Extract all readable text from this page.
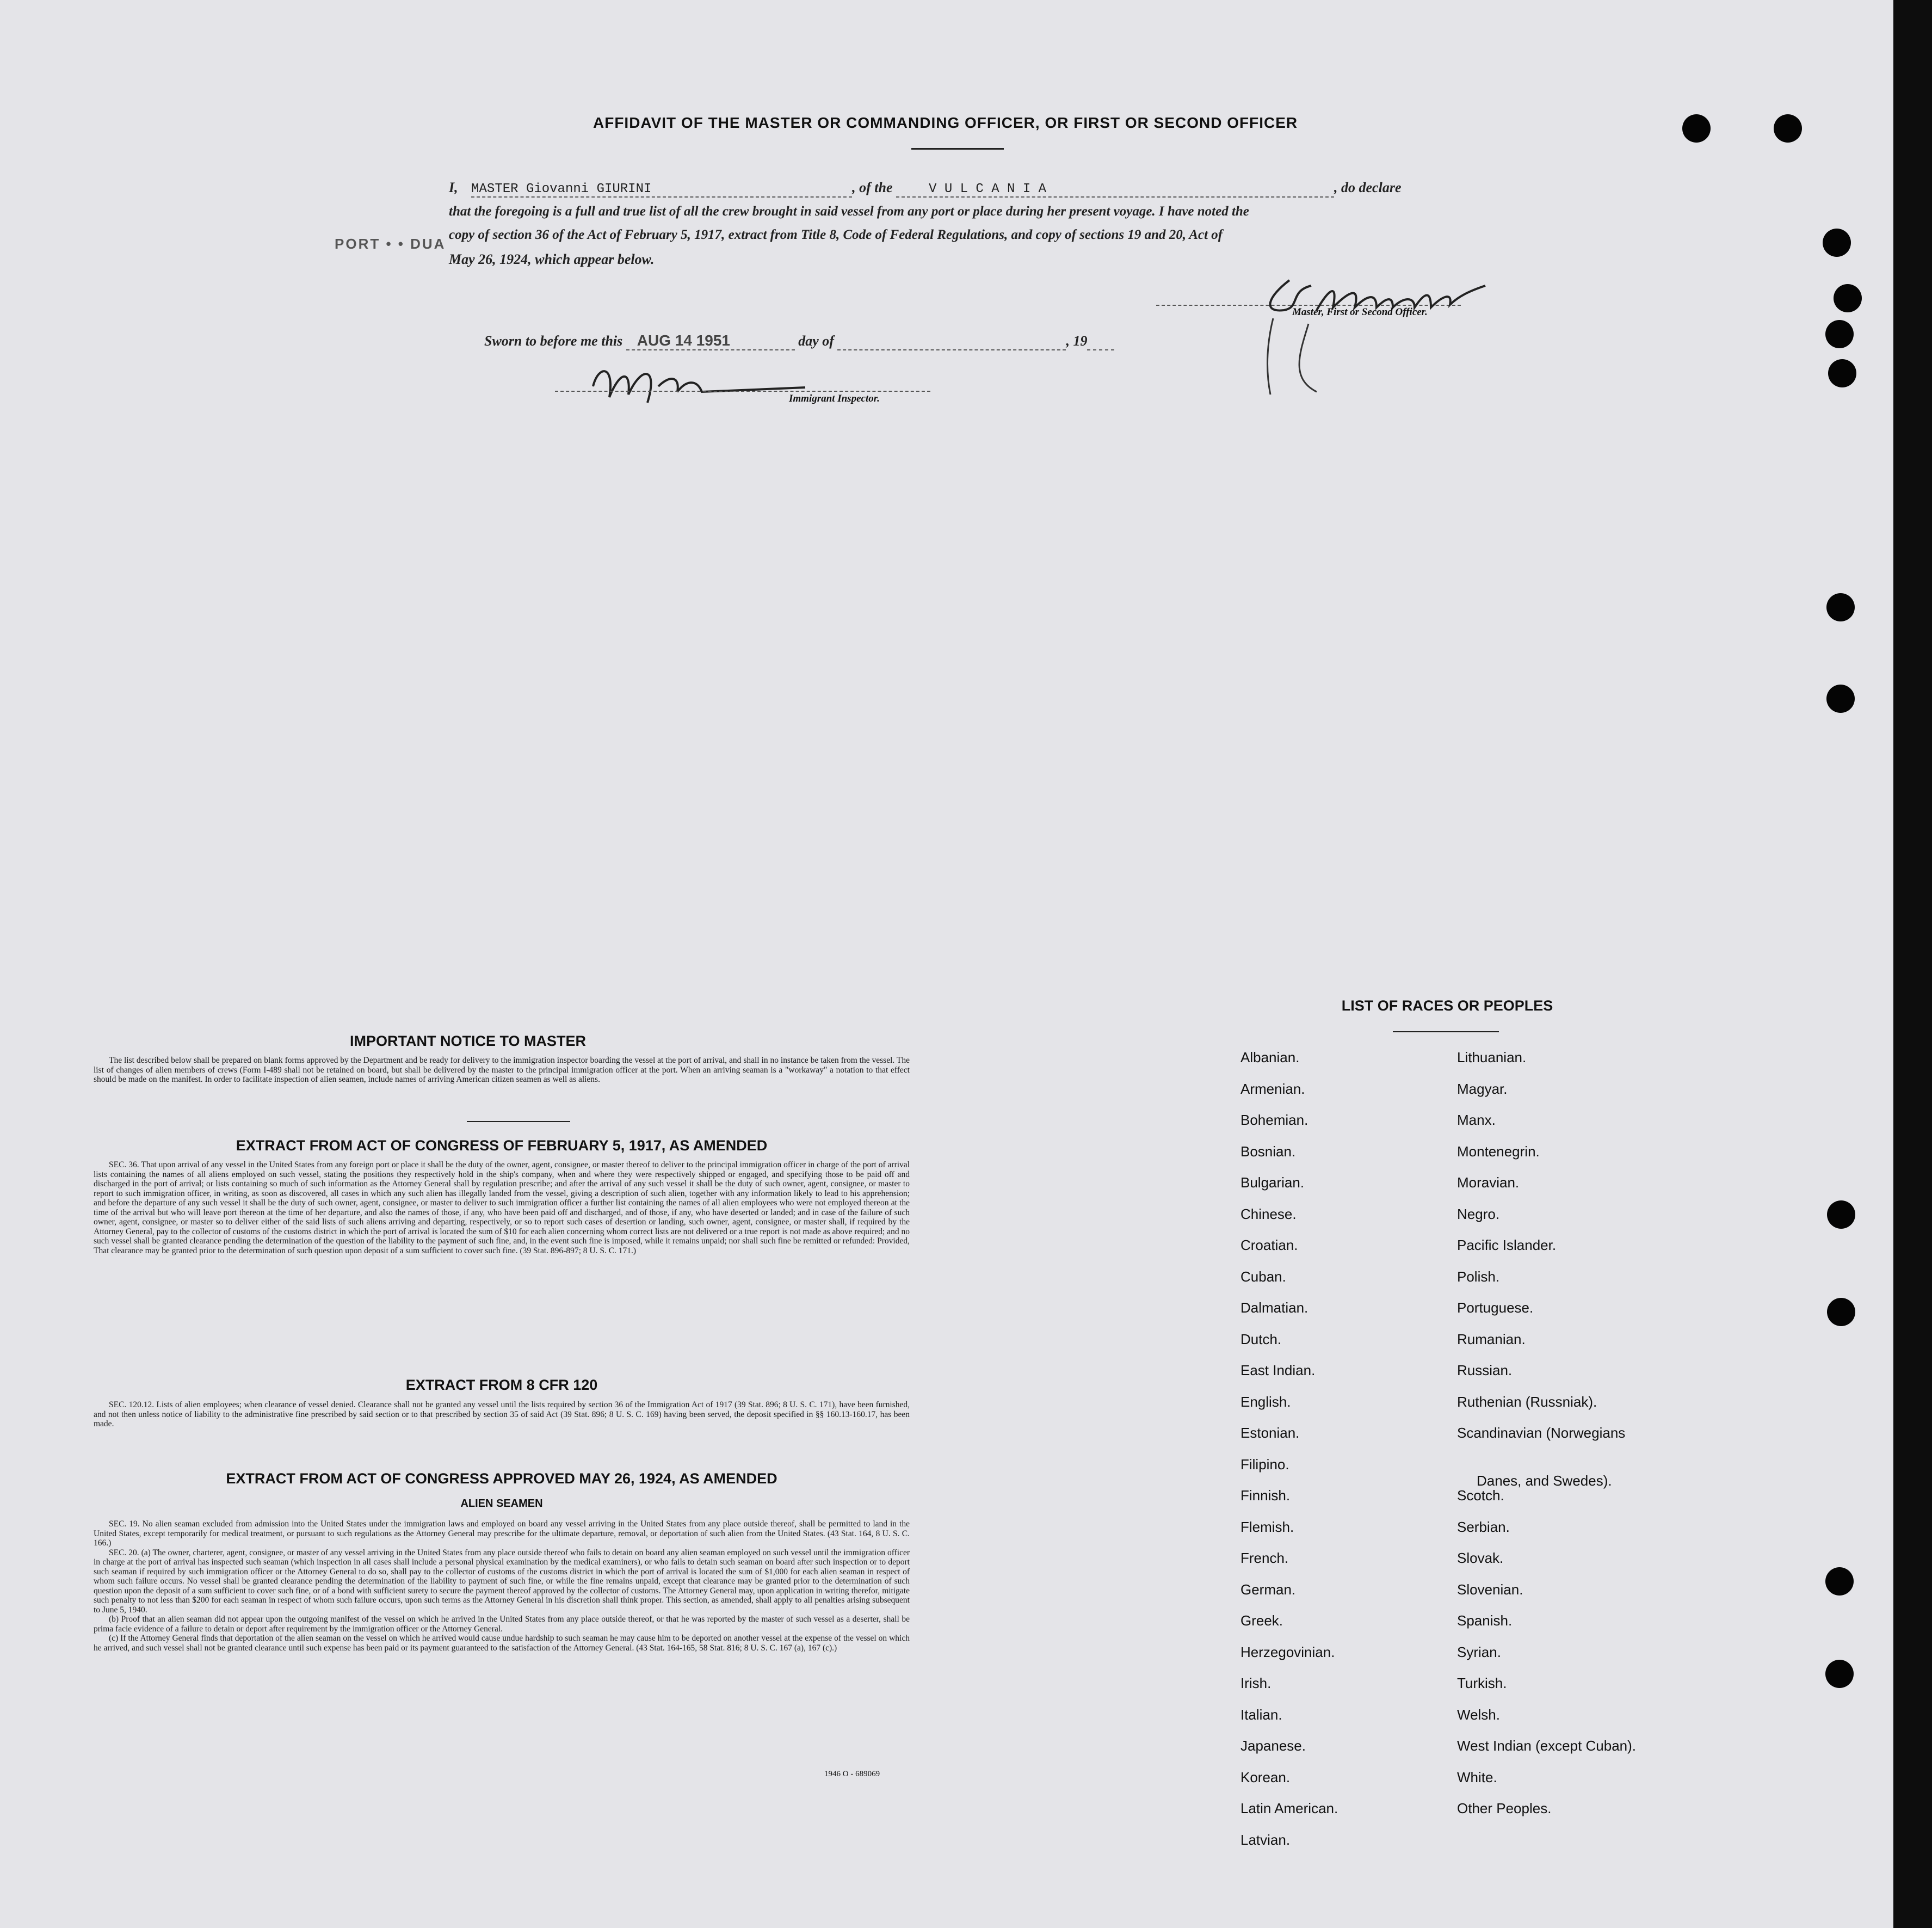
AFFIDAVIT OF THE MASTER OR COMMANDING OFFICER, OR FIRST OR SECOND OFFICER
I, MASTER Giovanni GIURINI	, of the	V U L C A N I A	, do declare
that the foregoing is a full and true list of all the crew brought in said vessel from any port or place during her present voyage. I have noted the
copy of section 36 of the Act of February 5, 1917, extract from Title 8, Code of Federal Regulations, and copy of sections 19 and 20, Act of
May 26, 1924, which appear below.
PORT • • DUA
Master, First or Second Officer.
Sworn to before me this AUG 14 1951	day of	, 19
Immigrant Inspector.
IMPORTANT NOTICE TO MASTER

The list described below shall be prepared on blank forms approved by the Department and be ready for delivery to the immigration inspector boarding the vessel at the port of arrival, and shall in no instance be taken from the vessel. The list of changes of alien members of crews (Form I-489 shall not be retained on board, but shall be delivered by the master to the principal immigration officer at the port. When an arriving seaman is a "workaway" a notation to that effect should be made on the manifest. In order to facilitate inspection of alien seamen, include names of arriving American citizen seamen as well as aliens.

EXTRACT FROM ACT OF CONGRESS OF FEBRUARY 5, 1917, AS AMENDED

SEC. 36. That upon arrival of any vessel in the United States from any foreign port or place it shall be the duty of the owner, agent, consignee, or master thereof to deliver to the principal immigration officer in charge of the port of arrival lists containing the names of all aliens employed on such vessel, stating the positions they respectively hold in the ship's company, when and where they were respectively shipped or engaged, and specifying those to be paid off and discharged in the port of arrival; or lists containing so much of such information as the Attorney General shall by regulation prescribe; and after the arrival of any such vessel it shall be the duty of such owner, agent, consignee, or master to report to such immigration officer, in writing, as soon as discovered, all cases in which any such alien has illegally landed from the vessel, giving a description of such alien, together with any information likely to lead to his apprehension; and before the departure of any such vessel it shall be the duty of such owner, agent, consignee, or master to deliver to such immigration officer a further list containing the names of all alien employees who were not employed thereon at the time of the arrival but who will leave port thereon at the time of her departure, and also the names of those, if any, who have been paid off and discharged, and of those, if any, who have deserted or landed; and in case of the failure of such owner, agent, consignee, or master so to deliver either of the said lists of such aliens arriving and departing, respectively, or so to report such cases of desertion or landing, such owner, agent, consignee, or master shall, if required by the Attorney General, pay to the collector of customs of the customs district in which the port of arrival is located the sum of $10 for each alien concerning whom correct lists are not delivered or a true report is not made as above required; and no such vessel shall be granted clearance pending the determination of the question of the liability to the payment of such fine, and, in the event such fine is imposed, while it remains unpaid; nor shall such fine be remitted or refunded: Provided, That clearance may be granted prior to the determination of such question upon deposit of a sum sufficient to cover such fine. (39 Stat. 896-897; 8 U. S. C. 171.)

EXTRACT FROM 8 CFR 120

SEC. 120.12. Lists of alien employees; when clearance of vessel denied. Clearance shall not be granted any vessel until the lists required by section 36 of the Immigration Act of 1917 (39 Stat. 896; 8 U. S. C. 171), have been furnished, and not then unless notice of liability to the administrative fine prescribed by said section or to that prescribed by section 35 of said Act (39 Stat. 896; 8 U. S. C. 169) having been served, the deposit specified in §§ 160.13-160.17, has been made.

EXTRACT FROM ACT OF CONGRESS APPROVED MAY 26, 1924, AS AMENDED
ALIEN SEAMEN

SEC. 19. No alien seaman excluded from admission into the United States under the immigration laws and employed on board any vessel arriving in the United States from any place outside thereof, shall be permitted to land in the United States, except temporarily for medical treatment, or pursuant to such regulations as the Attorney General may prescribe for the ultimate departure, removal, or deportation of such alien from the United States. (43 Stat. 164, 8 U. S. C. 166.)

SEC. 20. (a) The owner, charterer, agent, consignee, or master of any vessel arriving in the United States from any place outside thereof who fails to detain on board any alien seaman employed on such vessel until the immigration officer in charge at the port of arrival has inspected such seaman (which inspection in all cases shall include a personal physical examination by the medical examiners), or who fails to detain such seaman on board after such inspection or to deport such seaman if required by such immigration officer or the Attorney General to do so, shall pay to the collector of customs of the customs district in which the port of arrival is located the sum of $1,000 for each alien seaman in respect of whom such failure occurs. No vessel shall be granted clearance pending the determination of the liability to payment of such fine, or while the fine remains unpaid, except that clearance may be granted prior to the determination of such question upon the deposit of a sum sufficient to cover such fine, or of a bond with sufficient surety to secure the payment thereof approved by the collector of customs. The Attorney General may, upon application in writing therefor, mitigate such penalty to not less than $200 for each seaman in respect of whom such failure occurs, upon such terms as the Attorney General in his discretion shall think proper. This section, as amended, shall apply to all penalties arising subsequent to June 5, 1940.

(b) Proof that an alien seaman did not appear upon the outgoing manifest of the vessel on which he arrived in the United States from any place outside thereof, or that he was reported by the master of such vessel as a deserter, shall be prima facie evidence of a failure to detain or deport after requirement by the immigration officer or the Attorney General.

(c) If the Attorney General finds that deportation of the alien seaman on the vessel on which he arrived would cause undue hardship to such seaman he may cause him to be deported on another vessel at the expense of the vessel on which he arrived, and such vessel shall not be granted clearance until such expense has been paid or its payment guaranteed to the satisfaction of the Attorney General. (43 Stat. 164-165, 58 Stat. 816; 8 U. S. C. 167 (a), 167 (c).)

1946 O - 689069
LIST OF RACES OR PEOPLES
Albanian.
Armenian.
Bohemian.
Bosnian.
Bulgarian.
Chinese.
Croatian.
Cuban.
Dalmatian.
Dutch.
East Indian.
English.
Estonian.
Filipino.
Finnish.
Flemish.
French.
German.
Greek.
Herzegovinian.
Irish.
Italian.
Japanese.
Korean.
Latin American.
Latvian.
Lithuanian.
Magyar.
Manx.
Montenegrin.
Moravian.
Negro.
Pacific Islander.
Polish.
Portuguese.
Rumanian.
Russian.
Ruthenian (Russniak).
Scandinavian (Norwegians
Danes, and Swedes).
Scotch.
Serbian.
Slovak.
Slovenian.
Spanish.
Syrian.
Turkish.
Welsh.
West Indian (except Cuban).
White.
Other Peoples.
